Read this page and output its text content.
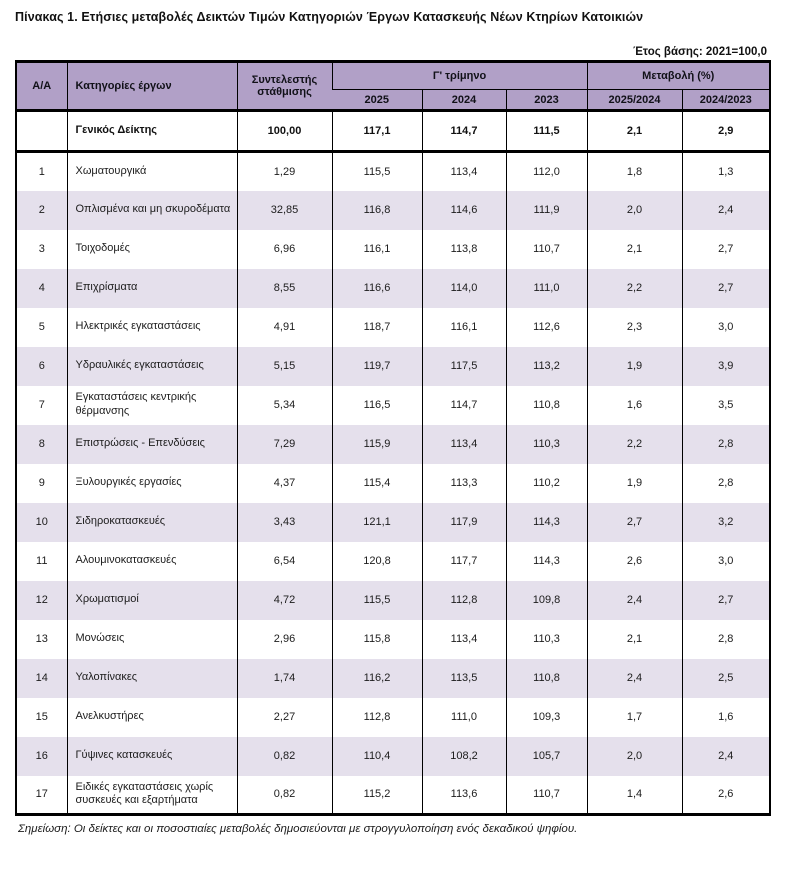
Πίνακας 1. Ετήσιες μεταβολές Δεικτών Τιμών Κατηγοριών Έργων Κατασκευής Νέων Κτηρίων Κατοικιών
Έτος βάσης: 2021=100,0
Α/Α	Κατηγορίες έργων	Συντελεστής στάθμισης	Γ' τρίμηνο			Μεταβολή (%)	
			2025	2024	2023	2025/2024	2024/2023
	Γενικός Δείκτης	100,00	117,1	114,7	111,5	2,1	2,9
1	Χωματουργικά	1,29	115,5	113,4	112,0	1,8	1,3
2	Οπλισμένα και μη σκυροδέματα	32,85	116,8	114,6	111,9	2,0	2,4
3	Τοιχοδομές	6,96	116,1	113,8	110,7	2,1	2,7
4	Επιχρίσματα	8,55	116,6	114,0	111,0	2,2	2,7
5	Ηλεκτρικές εγκαταστάσεις	4,91	118,7	116,1	112,6	2,3	3,0
6	Υδραυλικές εγκαταστάσεις	5,15	119,7	117,5	113,2	1,9	3,9
7	Εγκαταστάσεις κεντρικής θέρμανσης	5,34	116,5	114,7	110,8	1,6	3,5
8	Επιστρώσεις - Επενδύσεις	7,29	115,9	113,4	110,3	2,2	2,8
9	Ξυλουργικές εργασίες	4,37	115,4	113,3	110,2	1,9	2,8
10	Σιδηροκατασκευές	3,43	121,1	117,9	114,3	2,7	3,2
11	Αλουμινοκατασκευές	6,54	120,8	117,7	114,3	2,6	3,0
12	Χρωματισμοί	4,72	115,5	112,8	109,8	2,4	2,7
13	Μονώσεις	2,96	115,8	113,4	110,3	2,1	2,8
14	Υαλοπίνακες	1,74	116,2	113,5	110,8	2,4	2,5
15	Ανελκυστήρες	2,27	112,8	111,0	109,3	1,7	1,6
16	Γύψινες κατασκευές	0,82	110,4	108,2	105,7	2,0	2,4
17	Ειδικές εγκαταστάσεις χωρίς συσκευές και εξαρτήματα	0,82	115,2	113,6	110,7	1,4	2,6
Σημείωση: Οι δείκτες και οι ποσοστιαίες μεταβολές δημοσιεύονται με στρογγυλοποίηση ενός δεκαδικού ψηφίου.
